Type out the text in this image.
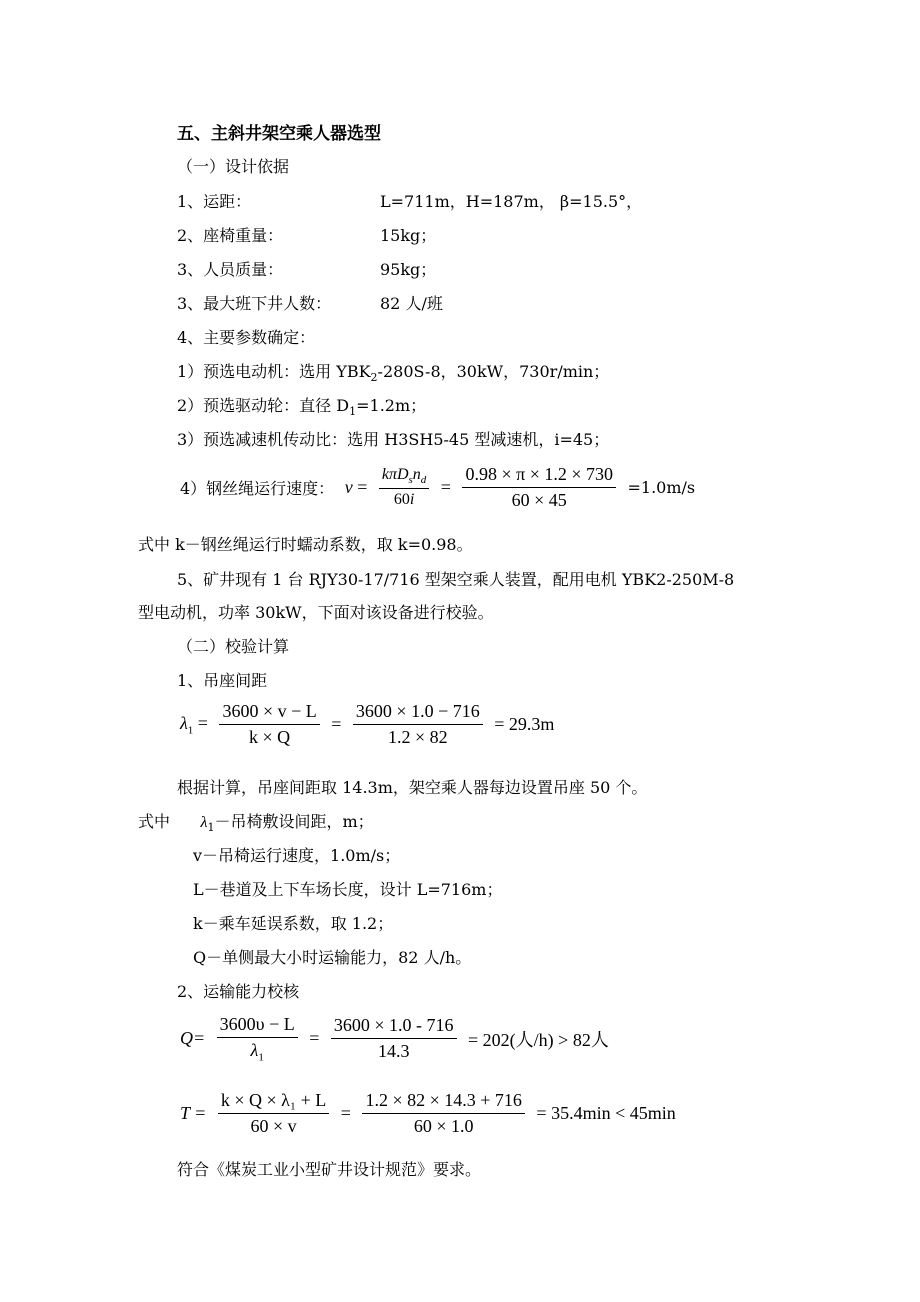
五、主斜井架空乘人器选型
（一）设计依据
1、运距：	L=711m，H=187m， β=15.5°，
2、座椅重量：	15kg；
3、人员质量：	95kg；
3、最大班下井人数：	82 人/班
4、主要参数确定：
1）预选电动机：选用 $YBK_2-280S-8$，30kW，730r/min；
2）预选驱动轮：直径 $D_1=1.2m$；
3）预选减速机传动比：选用 H3SH5-45 型减速机，i=45；
4）钢丝绳运行速度： $v = \frac{k\pi D_sn_d}{60i} = \frac{0.98 \times \pi \times 1.2 \times 730}{60 \times 45} =1.0m/s$
式中 k－钢丝绳运行时蠕动系数，取 k=0.98。
5、矿井现有 1 台 RJY30-17/716 型架空乘人装置，配用电机 YBK2-250M-8
型电动机，功率 30kW，下面对该设备进行校验。
（二）校验计算
1、吊座间距
$\lambda_1 = \frac{3600 \times v - L}{k \times Q} = \frac{3600 \times 1.0 - 716}{1.2 \times 82} = 29.3m$
根据计算，吊座间距取 14.3m，架空乘人器每边设置吊座 50 个。
式中 $\lambda_1-$吊椅敷设间距，m；
v－吊椅运行速度，1.0m/s；
L－巷道及上下车场长度，设计 L=716m；
k－乘车延误系数，取 1.2；
Q－单侧最大小时运输能力，82 人/h。
2、运输能力校核
$Q= \frac{3600\upsilon - L}{\lambda_1} = \frac{3600 \times 1.0 - 716}{14.3} = 202$(人/h) > 82人
$T = \frac{\text{k × Q × λ₁ + L}}{60 \times v} = \frac{1.2 \times 82 \times 14.3 + 716}{60 \times 1.0} = 35.4\min < 45\min$
符合《煤炭工业小型矿井设计规范》要求。
